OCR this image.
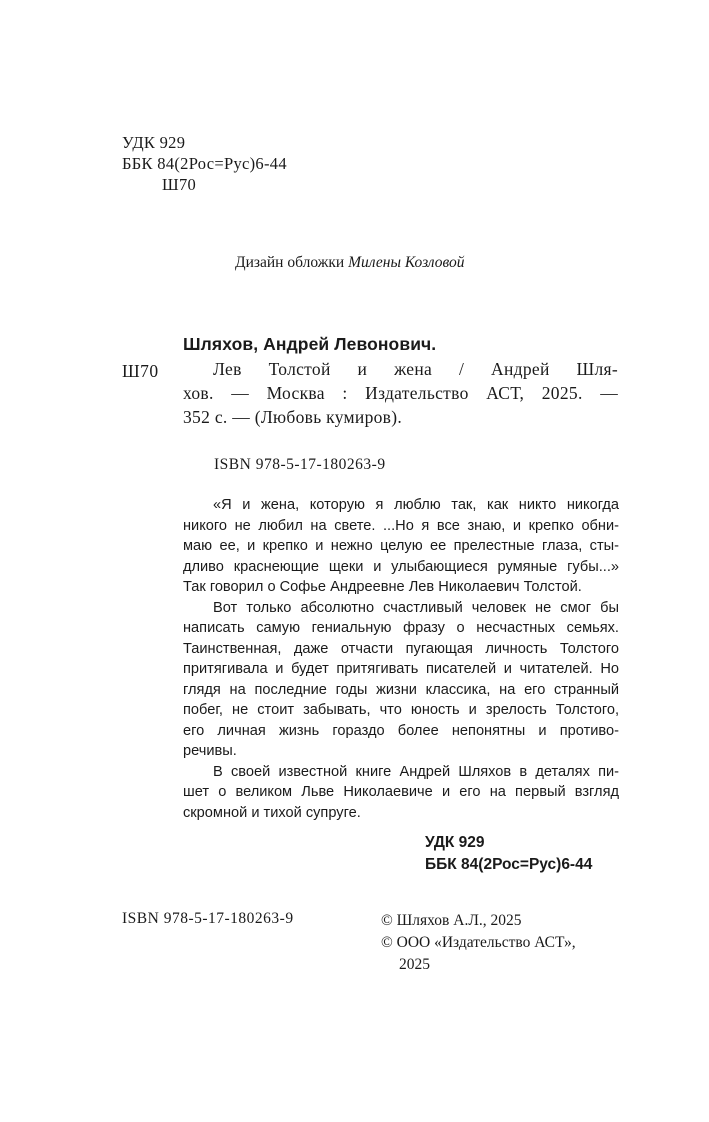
УДК 929
ББК 84(2Рос=Рус)6-44
Ш70
Дизайн обложки Милены Козловой
Шляхов, Андрей Левонович.
Ш70	Лев Толстой и жена / Андрей Шля-
хов. — Москва : Издательство АСТ, 2025. —
352 с. — (Любовь кумиров).
ISBN 978-5-17-180263-9
«Я и жена, которую я люблю так, как никто никогда
никого не любил на свете. ...Но я все знаю, и крепко обни-
маю ее, и крепко и нежно целую ее прелестные глаза, сты-
дливо краснеющие щеки и улыбающиеся румяные губы...»
Так говорил о Софье Андреевне Лев Николаевич Толстой.
Вот только абсолютно счастливый человек не смог бы
написать самую гениальную фразу о несчастных семьях.
Таинственная, даже отчасти пугающая личность Толстого
притягивала и будет притягивать писателей и читателей. Но
глядя на последние годы жизни классика, на его странный
побег, не стоит забывать, что юность и зрелость Толстого,
его личная жизнь гораздо более непонятны и противо-
речивы.
В своей известной книге Андрей Шляхов в деталях пи-
шет о великом Льве Николаевиче и его на первый взгляд
скромной и тихой супруге.
УДК 929
ББК 84(2Рос=Рус)6-44
ISBN 978-5-17-180263-9	© Шляхов А.Л., 2025
© ООО «Издательство АСТ»,
2025
